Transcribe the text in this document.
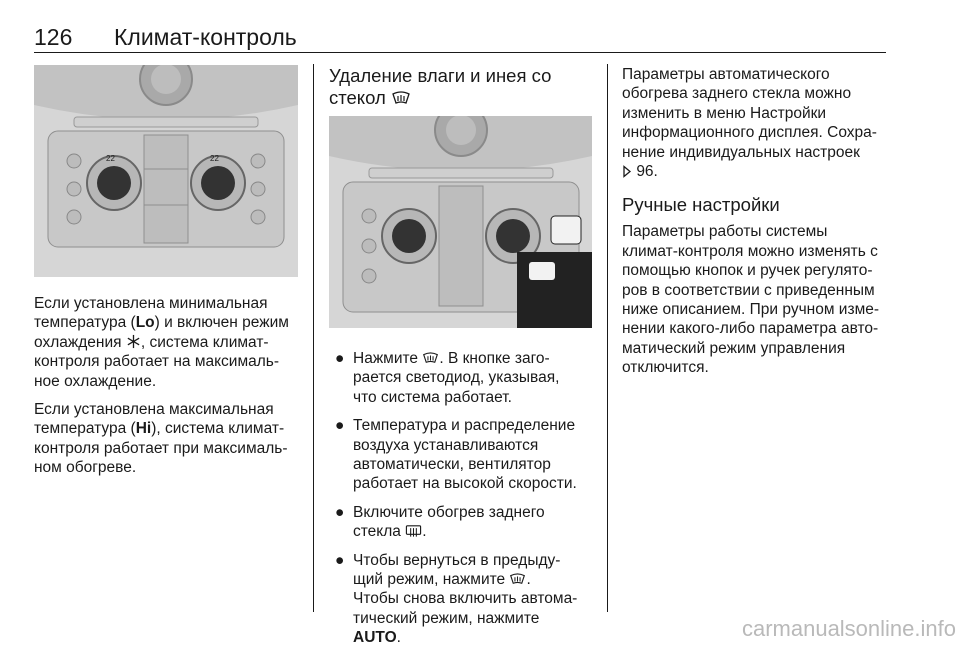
126 Климат-контроль
22	22

Если установлена минимальная
температура (Lo) и включен режим
охлаждения , система климат-
контроля работает на максималь-
ное охлаждение.

Если установлена максимальная
температура (Hi), система климат-
контроля работает при максималь-
ном обогреве.

Удаление влаги и инея со
стекол
● Нажмите . В кнопке заго-
рается светодиод, указывая,
что система работает.
● Температура и распределение
воздуха устанавливаются
автоматически, вентилятор
работает на высокой скорости.
● Включите обогрев заднего
стекла .
● Чтобы вернуться в предыду-
щий режим, нажмите .
Чтобы снова включить автома-
тический режим, нажмите
AUTO.

Параметры автоматического
обогрева заднего стекла можно
изменить в меню Настройки
информационного дисплея. Сохра-
нение индивидуальных настроек
96.

Ручные настройки

Параметры работы системы
климат-контроля можно изменять с
помощью кнопок и ручек регулято-
ров в соответствии с приведенным
ниже описанием. При ручном изме-
нении какого-либо параметра авто-
матический режим управления
отключится.

carmanualsonline.info
